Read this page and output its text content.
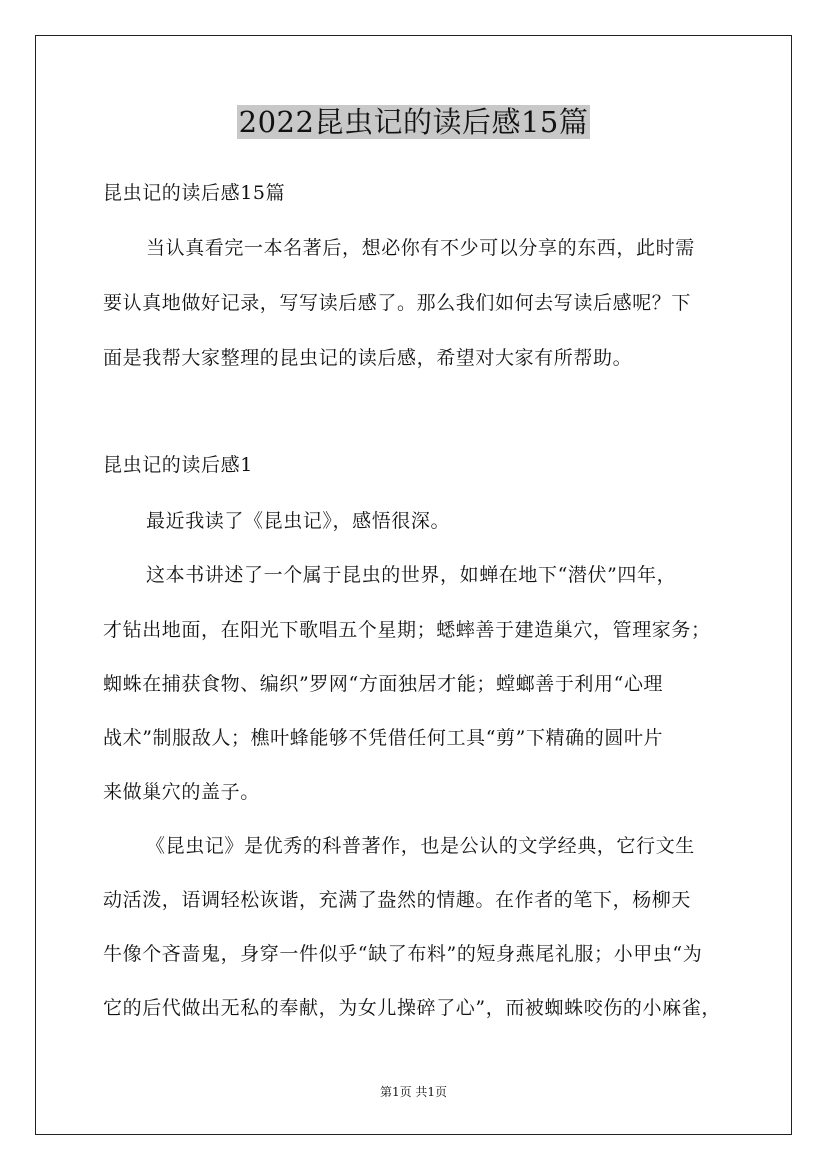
2022昆虫记的读后感15篇
昆虫记的读后感15篇
当认真看完一本名著后，想必你有不少可以分享的东西，此时需
要认真地做好记录，写写读后感了。那么我们如何去写读后感呢？下
面是我帮大家整理的昆虫记的读后感，希望对大家有所帮助。
昆虫记的读后感1
最近我读了《昆虫记》，感悟很深。
这本书讲述了一个属于昆虫的世界，如蝉在地下“潜伏”四年，
才钻出地面，在阳光下歌唱五个星期；蟋蟀善于建造巢穴，管理家务；
蜘蛛在捕获食物、编织”罗网“方面独居才能；螳螂善于利用“心理
战术”制服敌人；樵叶蜂能够不凭借任何工具“剪”下精确的圆叶片
来做巢穴的盖子。
《昆虫记》是优秀的科普著作，也是公认的文学经典，它行文生
动活泼，语调轻松诙谐，充满了盎然的情趣。在作者的笔下，杨柳天
牛像个吝啬鬼，身穿一件似乎“缺了布料”的短身燕尾礼服；小甲虫“为
它的后代做出无私的奉献，为女儿操碎了心”，而被蜘蛛咬伤的小麻雀，
第1页 共1页
